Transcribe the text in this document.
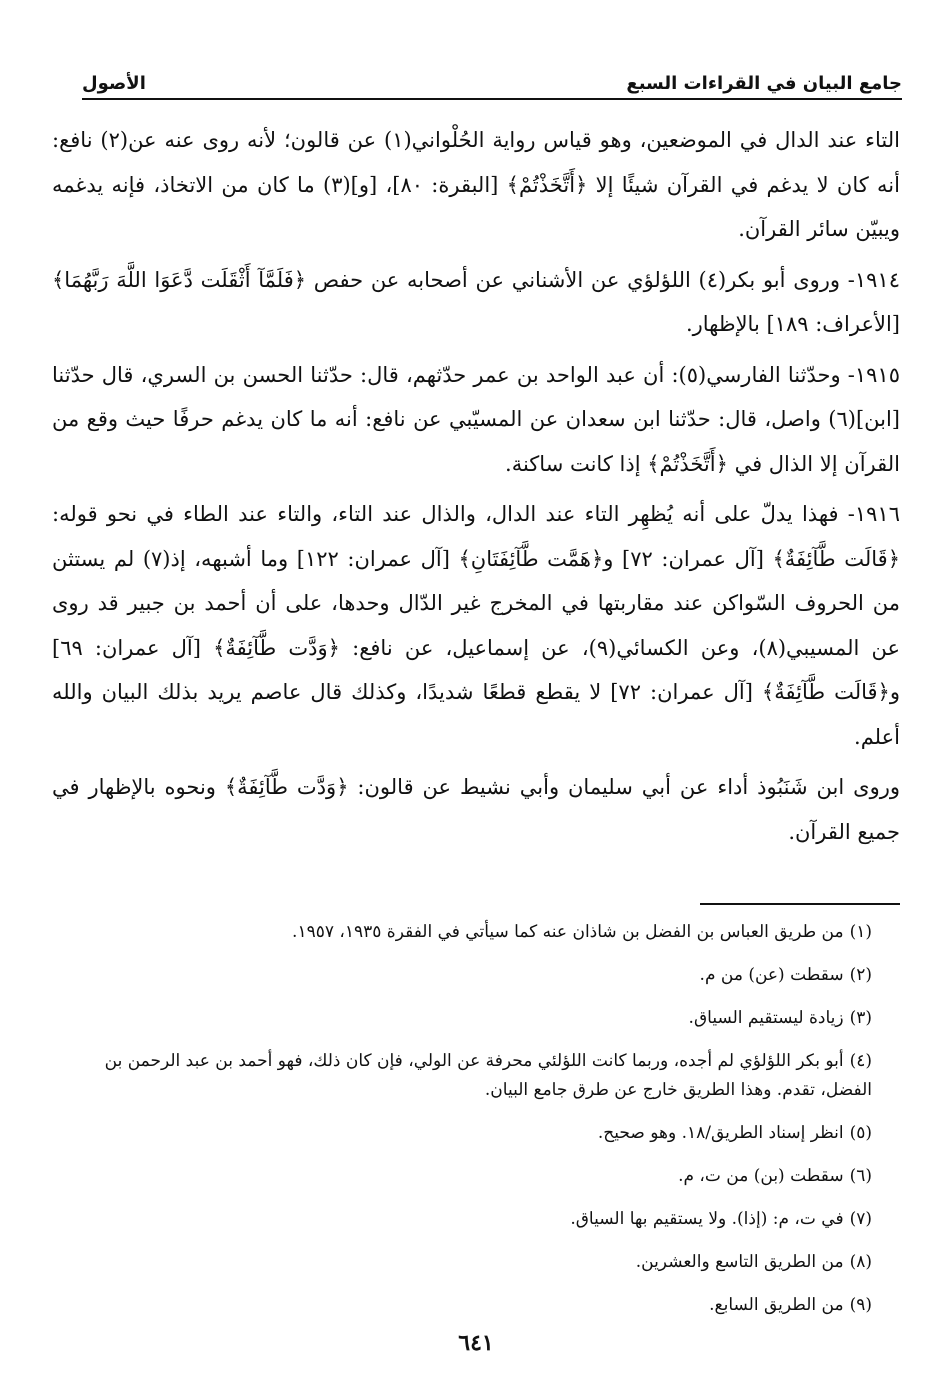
جامع البيان في القراءات السبع
الأصول

التاء عند الدال في الموضعين، وهو قياس رواية الحُلْواني(١) عن قالون؛ لأنه روى عنه عن(٢) نافع: أنه كان لا يدغم في القرآن شيئًا إلا ﴿أَتَّخَذْتُمْ﴾ [البقرة: ٨٠]، [و](٣) ما كان من الاتخاذ، فإنه يدغمه ويبيّن سائر القرآن.

١٩١٤- وروى أبو بكر(٤) اللؤلؤي عن الأشناني عن أصحابه عن حفص ﴿فَلَمَّآ أَثْقَلَت دَّعَوَا اللَّهَ رَبَّهُمَا﴾ [الأعراف: ١٨٩] بالإظهار.

١٩١٥- وحدّثنا الفارسي(٥): أن عبد الواحد بن عمر حدّثهم، قال: حدّثنا الحسن بن السري، قال حدّثنا [ابن](٦) واصل، قال: حدّثنا ابن سعدان عن المسيّبي عن نافع: أنه ما كان يدغم حرفًا حيث وقع من القرآن إلا الذال في ﴿أَتَّخَذْتُمْ﴾ إذا كانت ساكنة.

١٩١٦- فهذا يدلّ على أنه يُظهِر التاء عند الدال، والذال عند التاء، والتاء عند الطاء في نحو قوله: ﴿قَالَت طَّآئِفَةٌ﴾ [آل عمران: ٧٢] و﴿هَمَّت طَّآئِفَتَانِ﴾ [آل عمران: ١٢٢] وما أشبهه، إذ(٧) لم يستثن من الحروف السّواكن عند مقاربتها في المخرج غير الدّال وحدها، على أن أحمد بن جبير قد روى عن المسيبي(٨)، وعن الكسائي(٩)، عن إسماعيل، عن نافع: ﴿وَدَّت طَّآئِفَةٌ﴾ [آل عمران: ٦٩] و﴿قَالَت طَّآئِفَةٌ﴾ [آل عمران: ٧٢] لا يقطع قطعًا شديدًا، وكذلك قال عاصم يريد بذلك البيان والله أعلم.

وروى ابن شَنَبُوذ أداء عن أبي سليمان وأبي نشيط عن قالون: ﴿وَدَّت طَّآئِفَةٌ﴾ ونحوه بالإظهار في جميع القرآن.

(١)من طريق العباس بن الفضل بن شاذان عنه كما سيأتي في الفقرة ١٩٣٥، ١٩٥٧.
(٢)سقطت (عن) من م.
(٣)زيادة ليستقيم السياق.
(٤)أبو بكر اللؤلؤي لم أجده، وربما كانت اللؤلئي محرفة عن الولي، فإن كان ذلك، فهو أحمد بن عبد الرحمن بن الفضل، تقدم. وهذا الطريق خارج عن طرق جامع البيان.
(٥)انظر إسناد الطريق/١٨. وهو صحيح.
(٦)سقطت (بن) من ت، م.
(٧)في ت، م: (إذا). ولا يستقيم بها السياق.
(٨)من الطريق التاسع والعشرين.
(٩)من الطريق السابع.
٦٤١
